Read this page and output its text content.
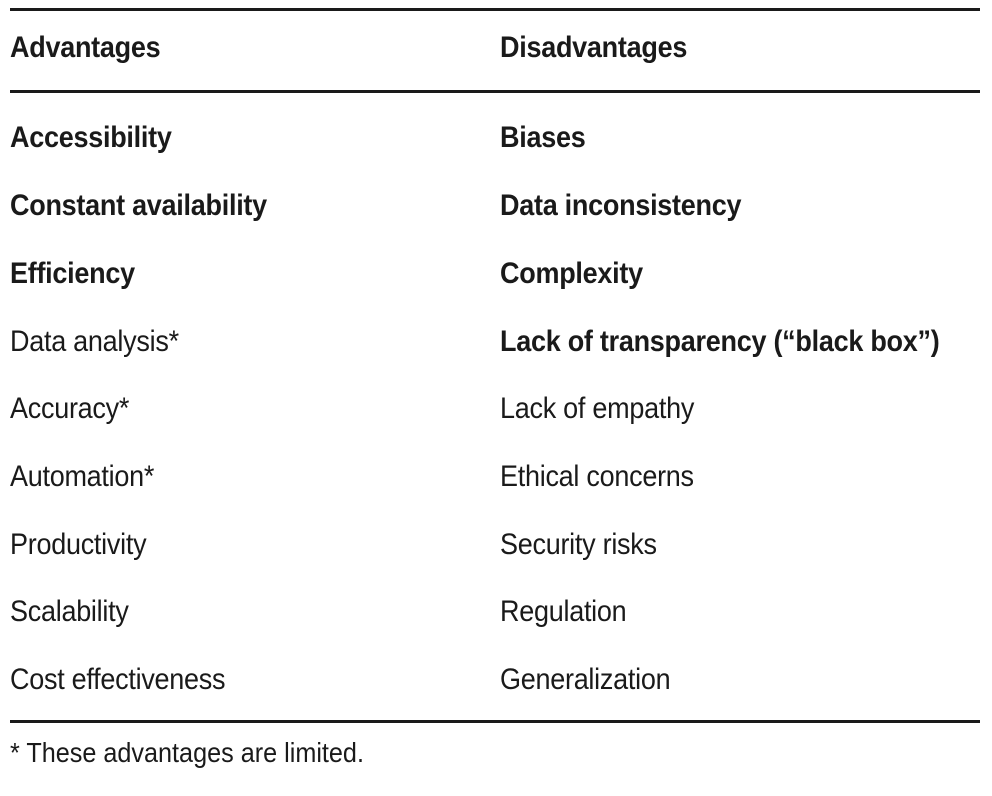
Advantages	Disadvantages
Accessibility	Biases
Constant availability	Data inconsistency
Efficiency	Complexity
Data analysis*	Lack of transparency (“black box”)
Accuracy*	Lack of empathy
Automation*	Ethical concerns
Productivity	Security risks
Scalability	Regulation
Cost effectiveness	Generalization
* These advantages are limited.
